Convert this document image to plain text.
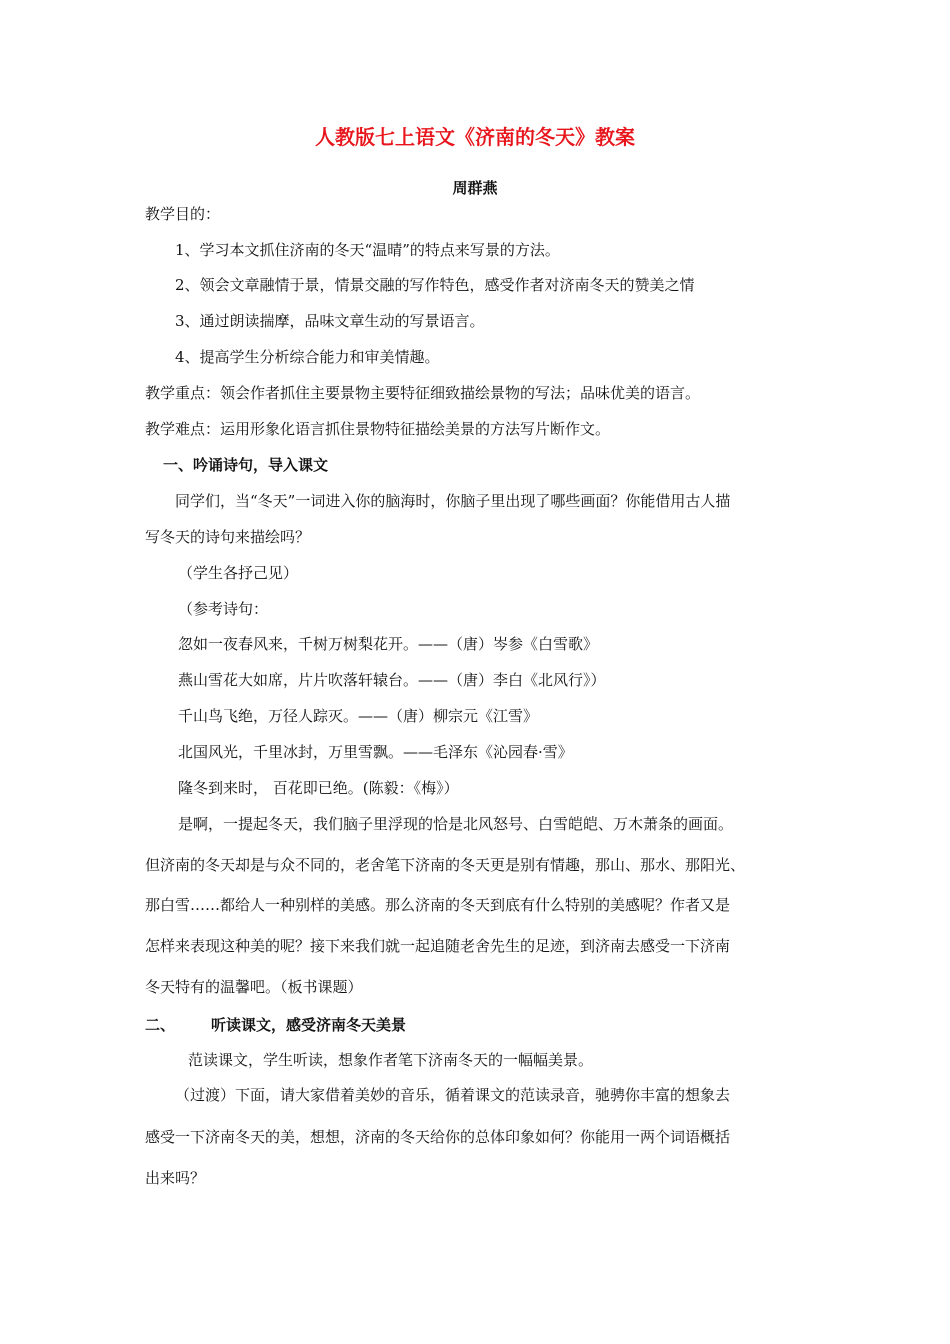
人教版七上语文《济南的冬天》教案
周群燕
教学目的：
1、学习本文抓住济南的冬天“温晴”的特点来写景的方法。
2、领会文章融情于景，情景交融的写作特色，感受作者对济南冬天的赞美之情
3、通过朗读揣摩，品味文章生动的写景语言。
4、提高学生分析综合能力和审美情趣。
教学重点：领会作者抓住主要景物主要特征细致描绘景物的写法；品味优美的语言。
教学难点：运用形象化语言抓住景物特征描绘美景的方法写片断作文。
一、吟诵诗句，导入课文
同学们，当“冬天”一词进入你的脑海时，你脑子里出现了哪些画面？你能借用古人描
写冬天的诗句来描绘吗？
（学生各抒己见）
（参考诗句：
忽如一夜春风来，千树万树梨花开。——（唐）岑参《白雪歌》
燕山雪花大如席，片片吹落轩辕台。——（唐）李白《北风行》）
千山鸟飞绝，万径人踪灭。——（唐）柳宗元《江雪》
北国风光，千里冰封，万里雪飘。——毛泽东《沁园春·雪》
隆冬到来时， 百花即已绝。(陈毅：《梅》）
是啊，一提起冬天，我们脑子里浮现的恰是北风怒号、白雪皑皑、万木萧条的画面。
但济南的冬天却是与众不同的，老舍笔下济南的冬天更是别有情趣，那山、那水、那阳光、
那白雪……都给人一种别样的美感。那么济南的冬天到底有什么特别的美感呢？作者又是
怎样来表现这种美的呢？接下来我们就一起追随老舍先生的足迹，到济南去感受一下济南
冬天特有的温馨吧。（板书课题）
二、 听读课文，感受济南冬天美景
范读课文，学生听读，想象作者笔下济南冬天的一幅幅美景。
（过渡）下面，请大家借着美妙的音乐，循着课文的范读录音，驰骋你丰富的想象去
感受一下济南冬天的美，想想，济南的冬天给你的总体印象如何？你能用一两个词语概括
出来吗？
